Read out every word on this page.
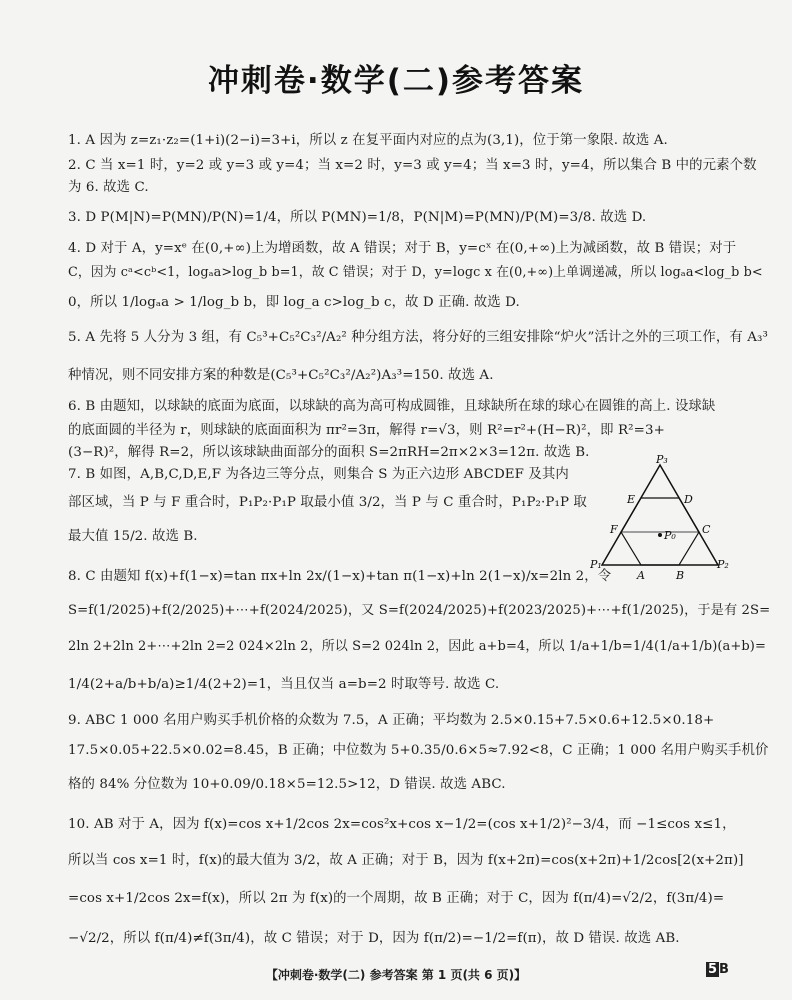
冲刺卷·数学(二)参考答案
1. A 因为 z=z₁·z₂=(1+i)(2−i)=3+i，所以 z 在复平面内对应的点为(3,1)，位于第一象限. 故选 A.
2. C 当 x=1 时，y=2 或 y=3 或 y=4；当 x=2 时，y=3 或 y=4；当 x=3 时，y=4，所以集合 B 中的元素个数
为 6. 故选 C.
3. D P(M|N)=P(MN)/P(N)=1/4，所以 P(MN)=1/8，P(N|M)=P(MN)/P(M)=3/8. 故选 D.
4. D 对于 A，y=xᵉ 在(0,+∞)上为增函数，故 A 错误；对于 B，y=cˣ 在(0,+∞)上为减函数，故 B 错误；对于
C，因为 cᵃ<cᵇ<1，logₐa>log_b b=1，故 C 错误；对于 D，y=logc x 在(0,+∞)上单调递减，所以 logₐa<log_b b<
0，所以 1/logₐa > 1/log_b b，即 log_a c>log_b c，故 D 正确. 故选 D.
5. A 先将 5 人分为 3 组，有 C₅³+C₅²C₃²/A₂² 种分组方法，将分好的三组安排除“炉火”活计之外的三项工作，有 A₃³
种情况，则不同安排方案的种数是(C₅³+C₅²C₃²/A₂²)A₃³=150. 故选 A.
6. B 由题知，以球缺的底面为底面，以球缺的高为高可构成圆锥，且球缺所在球的球心在圆锥的高上. 设球缺
的底面圆的半径为 r，则球缺的底面面积为 πr²=3π，解得 r=√3，则 R²=r²+(H−R)²，即 R²=3+
(3−R)²，解得 R=2，所以该球缺曲面部分的面积 S=2πRH=2π×2×3=12π. 故选 B.
7. B 如图，A,B,C,D,E,F 为各边三等分点，则集合 S 为正六边形 ABCDEF 及其内
部区域，当 P 与 F 重合时，P₁P₂·P₁P 取最小值 3/2，当 P 与 C 重合时，P₁P₂·P₁P 取
最大值 15/2. 故选 B.
8. C 由题知 f(x)+f(1−x)=tan πx+ln 2x/(1−x)+tan π(1−x)+ln 2(1−x)/x=2ln 2，令
S=f(1/2025)+f(2/2025)+⋯+f(2024/2025)，又 S=f(2024/2025)+f(2023/2025)+⋯+f(1/2025)，于是有 2S=
2ln 2+2ln 2+⋯+2ln 2=2 024×2ln 2，所以 S=2 024ln 2，因此 a+b=4，所以 1/a+1/b=1/4(1/a+1/b)(a+b)=
1/4(2+a/b+b/a)≥1/4(2+2)=1，当且仅当 a=b=2 时取等号. 故选 C.
9. ABC 1 000 名用户购买手机价格的众数为 7.5，A 正确；平均数为 2.5×0.15+7.5×0.6+12.5×0.18+
17.5×0.05+22.5×0.02=8.45，B 正确；中位数为 5+0.35/0.6×5≈7.92<8，C 正确；1 000 名用户购买手机价
格的 84% 分位数为 10+0.09/0.18×5=12.5>12，D 错误. 故选 ABC.
10. AB 对于 A，因为 f(x)=cos x+1/2cos 2x=cos²x+cos x−1/2=(cos x+1/2)²−3/4，而 −1≤cos x≤1，
所以当 cos x=1 时，f(x)的最大值为 3/2，故 A 正确；对于 B，因为 f(x+2π)=cos(x+2π)+1/2cos[2(x+2π)]
=cos x+1/2cos 2x=f(x)，所以 2π 为 f(x)的一个周期，故 B 正确；对于 C，因为 f(π/4)=√2/2，f(3π/4)=
−√2/2，所以 f(π/4)≠f(3π/4)，故 C 错误；对于 D，因为 f(π/2)=−1/2=f(π)，故 D 错误. 故选 AB.
P₃
E	D
F	C
P₀
P₁
A	B
P₂
【冲刺卷·数学(二) 参考答案 第 1 页(共 6 页)】	5 B
